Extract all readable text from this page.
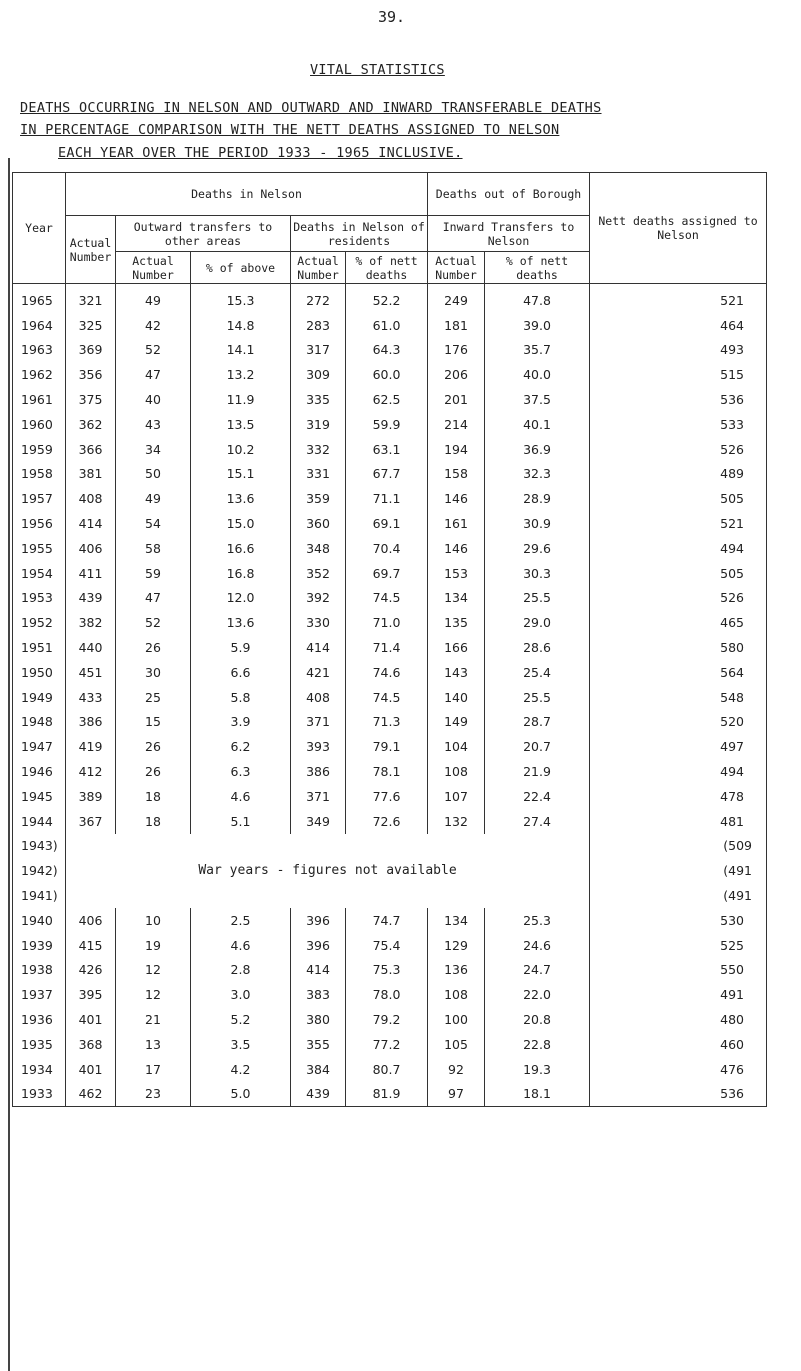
39.
VITAL STATISTICS
DEATHS OCCURRING IN NELSON AND OUTWARD AND INWARD TRANSFERABLE DEATHS
IN PERCENTAGE COMPARISON WITH THE NETT DEATHS ASSIGNED TO NELSON
EACH YEAR OVER THE PERIOD 1933 - 1965 INCLUSIVE.
Year	Deaths in Nelson					Deaths out of Borough		Nett deaths assigned to Nelson
	Actual Number	Outward transfers to other areas		Deaths in Nelson of residents		Inward Transfers to Nelson		
		Actual Number	% of above	Actual Number	% of nett deaths	Actual Number	% of nett deaths	
1965	321	49	15.3	272	52.2	249	47.8	521
1964	325	42	14.8	283	61.0	181	39.0	464
1963	369	52	14.1	317	64.3	176	35.7	493
1962	356	47	13.2	309	60.0	206	40.0	515
1961	375	40	11.9	335	62.5	201	37.5	536
1960	362	43	13.5	319	59.9	214	40.1	533
1959	366	34	10.2	332	63.1	194	36.9	526
1958	381	50	15.1	331	67.7	158	32.3	489
1957	408	49	13.6	359	71.1	146	28.9	505
1956	414	54	15.0	360	69.1	161	30.9	521
1955	406	58	16.6	348	70.4	146	29.6	494
1954	411	59	16.8	352	69.7	153	30.3	505
1953	439	47	12.0	392	74.5	134	25.5	526
1952	382	52	13.6	330	71.0	135	29.0	465
1951	440	26	5.9	414	71.4	166	28.6	580
1950	451	30	6.6	421	74.6	143	25.4	564
1949	433	25	5.8	408	74.5	140	25.5	548
1948	386	15	3.9	371	71.3	149	28.7	520
1947	419	26	6.2	393	79.1	104	20.7	497
1946	412	26	6.3	386	78.1	108	21.9	494
1945	389	18	4.6	371	77.6	107	22.4	478
1944	367	18	5.1	349	72.6	132	27.4	481
1943)	War years - figures not available							(509
1942)								(491
1941)								(491
1940	406	10	2.5	396	74.7	134	25.3	530
1939	415	19	4.6	396	75.4	129	24.6	525
1938	426	12	2.8	414	75.3	136	24.7	550
1937	395	12	3.0	383	78.0	108	22.0	491
1936	401	21	5.2	380	79.2	100	20.8	480
1935	368	13	3.5	355	77.2	105	22.8	460
1934	401	17	4.2	384	80.7	92	19.3	476
1933	462	23	5.0	439	81.9	97	18.1	536
